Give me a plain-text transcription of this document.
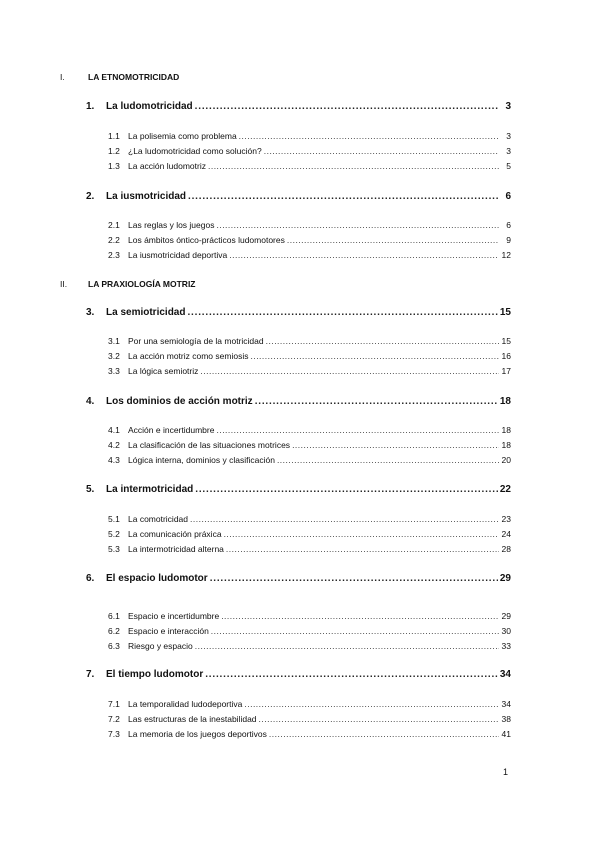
I.	LA ETNOMOTRICIDAD
1.	La ludomotricidad .....	3
1.1 La polisemia como problema .....	3
1.2 ¿La ludomotricidad como solución? .....	3
1.3 La acción ludomotriz .....	5
2.	La iusmotricidad .....	6
2.1 Las reglas y los juegos .....	6
2.2 Los ámbitos óntico-prácticos ludomotores .....	9
2.3 La iusmotricidad deportiva .....	12
II.	LA PRAXIOLOGÍA MOTRIZ
3.	La semiotricidad .....	15
3.1 Por una semiología de la motricidad .....	15
3.2 La acción motriz como semiosis .....	16
3.3 La lógica semiotriz .....	17
4.	Los dominios de acción motriz .....	18
4.1 Acción e incertidumbre .....	18
4.2 La clasificación de las situaciones motrices .....	18
4.3 Lógica interna, dominios y clasificación .....	20
5.	La intermotricidad .....	22
5.1 La comotricidad .....	23
5.2 La comunicación práxica .....	24
5.3 La intermotricidad alterna .....	28
6.	El espacio ludomotor .....	29
6.1 Espacio e incertidumbre .....	29
6.2 Espacio e interacción .....	30
6.3 Riesgo y espacio .....	33
7.	El tiempo ludomotor .....	34
7.1 La temporalidad ludodeportiva .....	34
7.2 Las estructuras de la inestabilidad .....	38
7.3 La memoria de los juegos deportivos .....	41
1
